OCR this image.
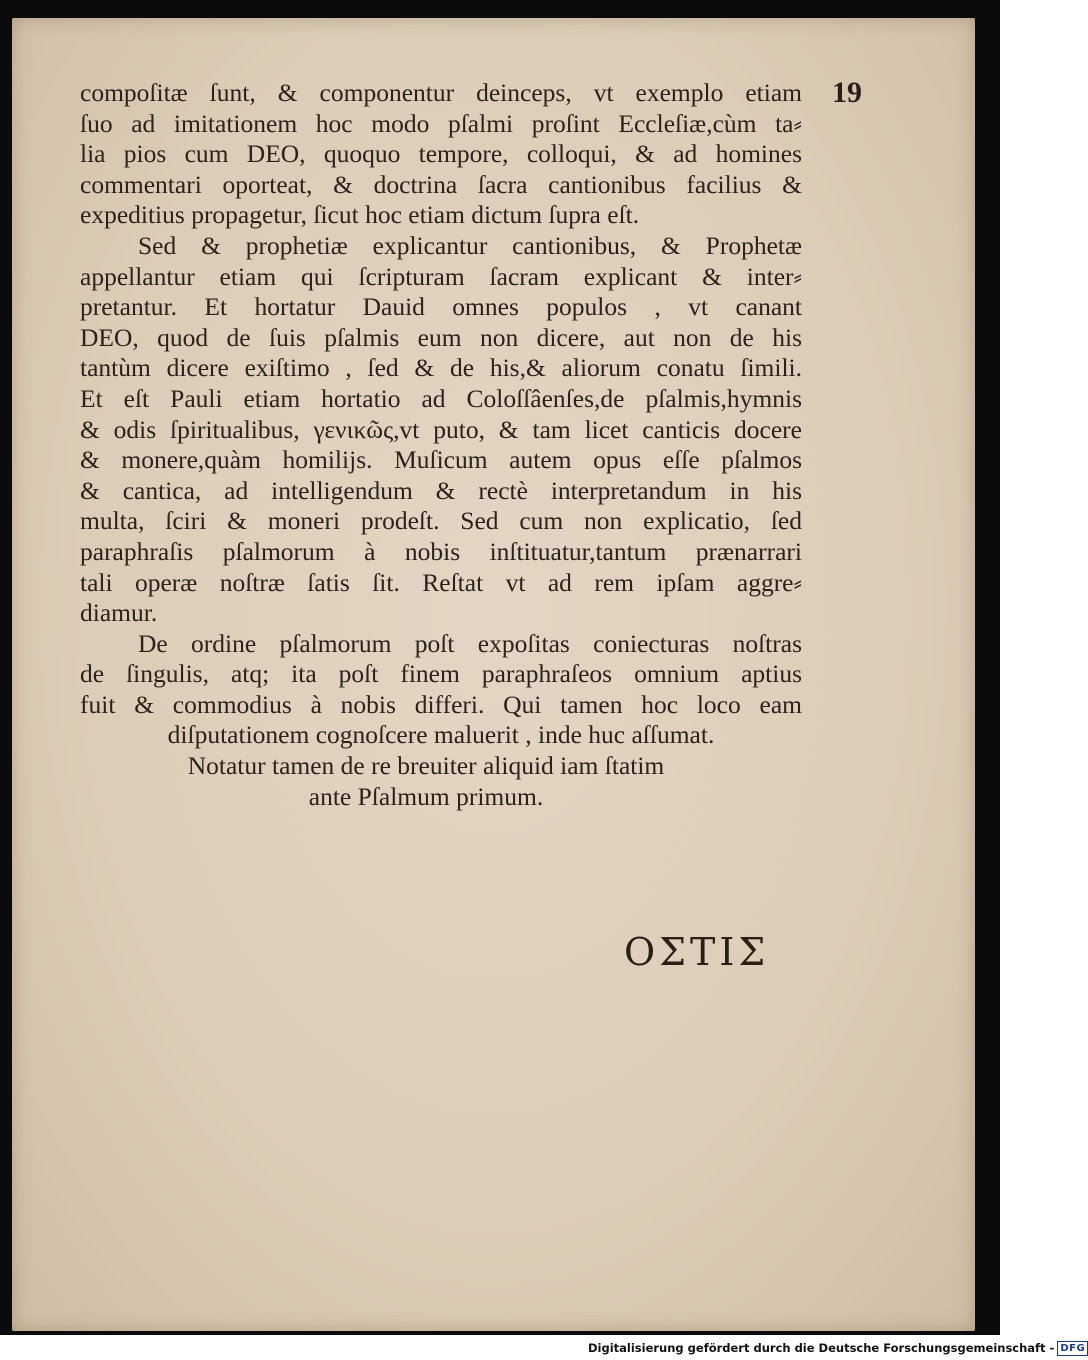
19
compoſitæ ſunt, & componentur deinceps, vt exemplo etiam
ſuo ad imitationem hoc modo pſalmi proſint Eccleſiæ,cùm ta⸗
lia pios cum DEO, quoquo tempore, colloqui, & ad homines
commentari oporteat, & doctrina ſacra cantionibus facilius &
expeditius propagetur, ſicut hoc etiam dictum ſupra eſt.
Sed & prophetiæ explicantur cantionibus, & Prophetæ
appellantur etiam qui ſcripturam ſacram explicant & inter⸗
pretantur. Et hortatur Dauid omnes populos , vt canant
DEO, quod de ſuis pſalmis eum non dicere, aut non de his
tantùm dicere exiſtimo , ſed & de his,& aliorum conatu ſimili.
Et eſt Pauli etiam hortatio ad Coloſſâenſes,de pſalmis,hymnis
& odis ſpiritualibus, γενικῶς,vt puto, & tam licet canticis docere
& monere,quàm homilijs. Muſicum autem opus eſſe pſalmos
& cantica, ad intelligendum & rectè interpretandum in his
multa, ſciri & moneri prodeſt. Sed cum non explicatio, ſed
paraphraſis pſalmorum à nobis inſtituatur,tantum prænarrari
tali operæ noſtræ ſatis ſit. Reſtat vt ad rem ipſam aggre⸗
diamur.
De ordine pſalmorum poſt expoſitas coniecturas noſtras
de ſingulis, atq; ita poſt finem paraphraſeos omnium aptius
fuit & commodius à nobis differi. Qui tamen hoc loco eam
diſputationem cognoſcere maluerit , inde huc aſſumat.
Notatur tamen de re breuiter aliquid iam ſtatim
ante Pſalmum primum.
ΟΣΤΙΣ
Digitalisierung gefördert durch die Deutsche Forschungsgemeinschaft - DFG
